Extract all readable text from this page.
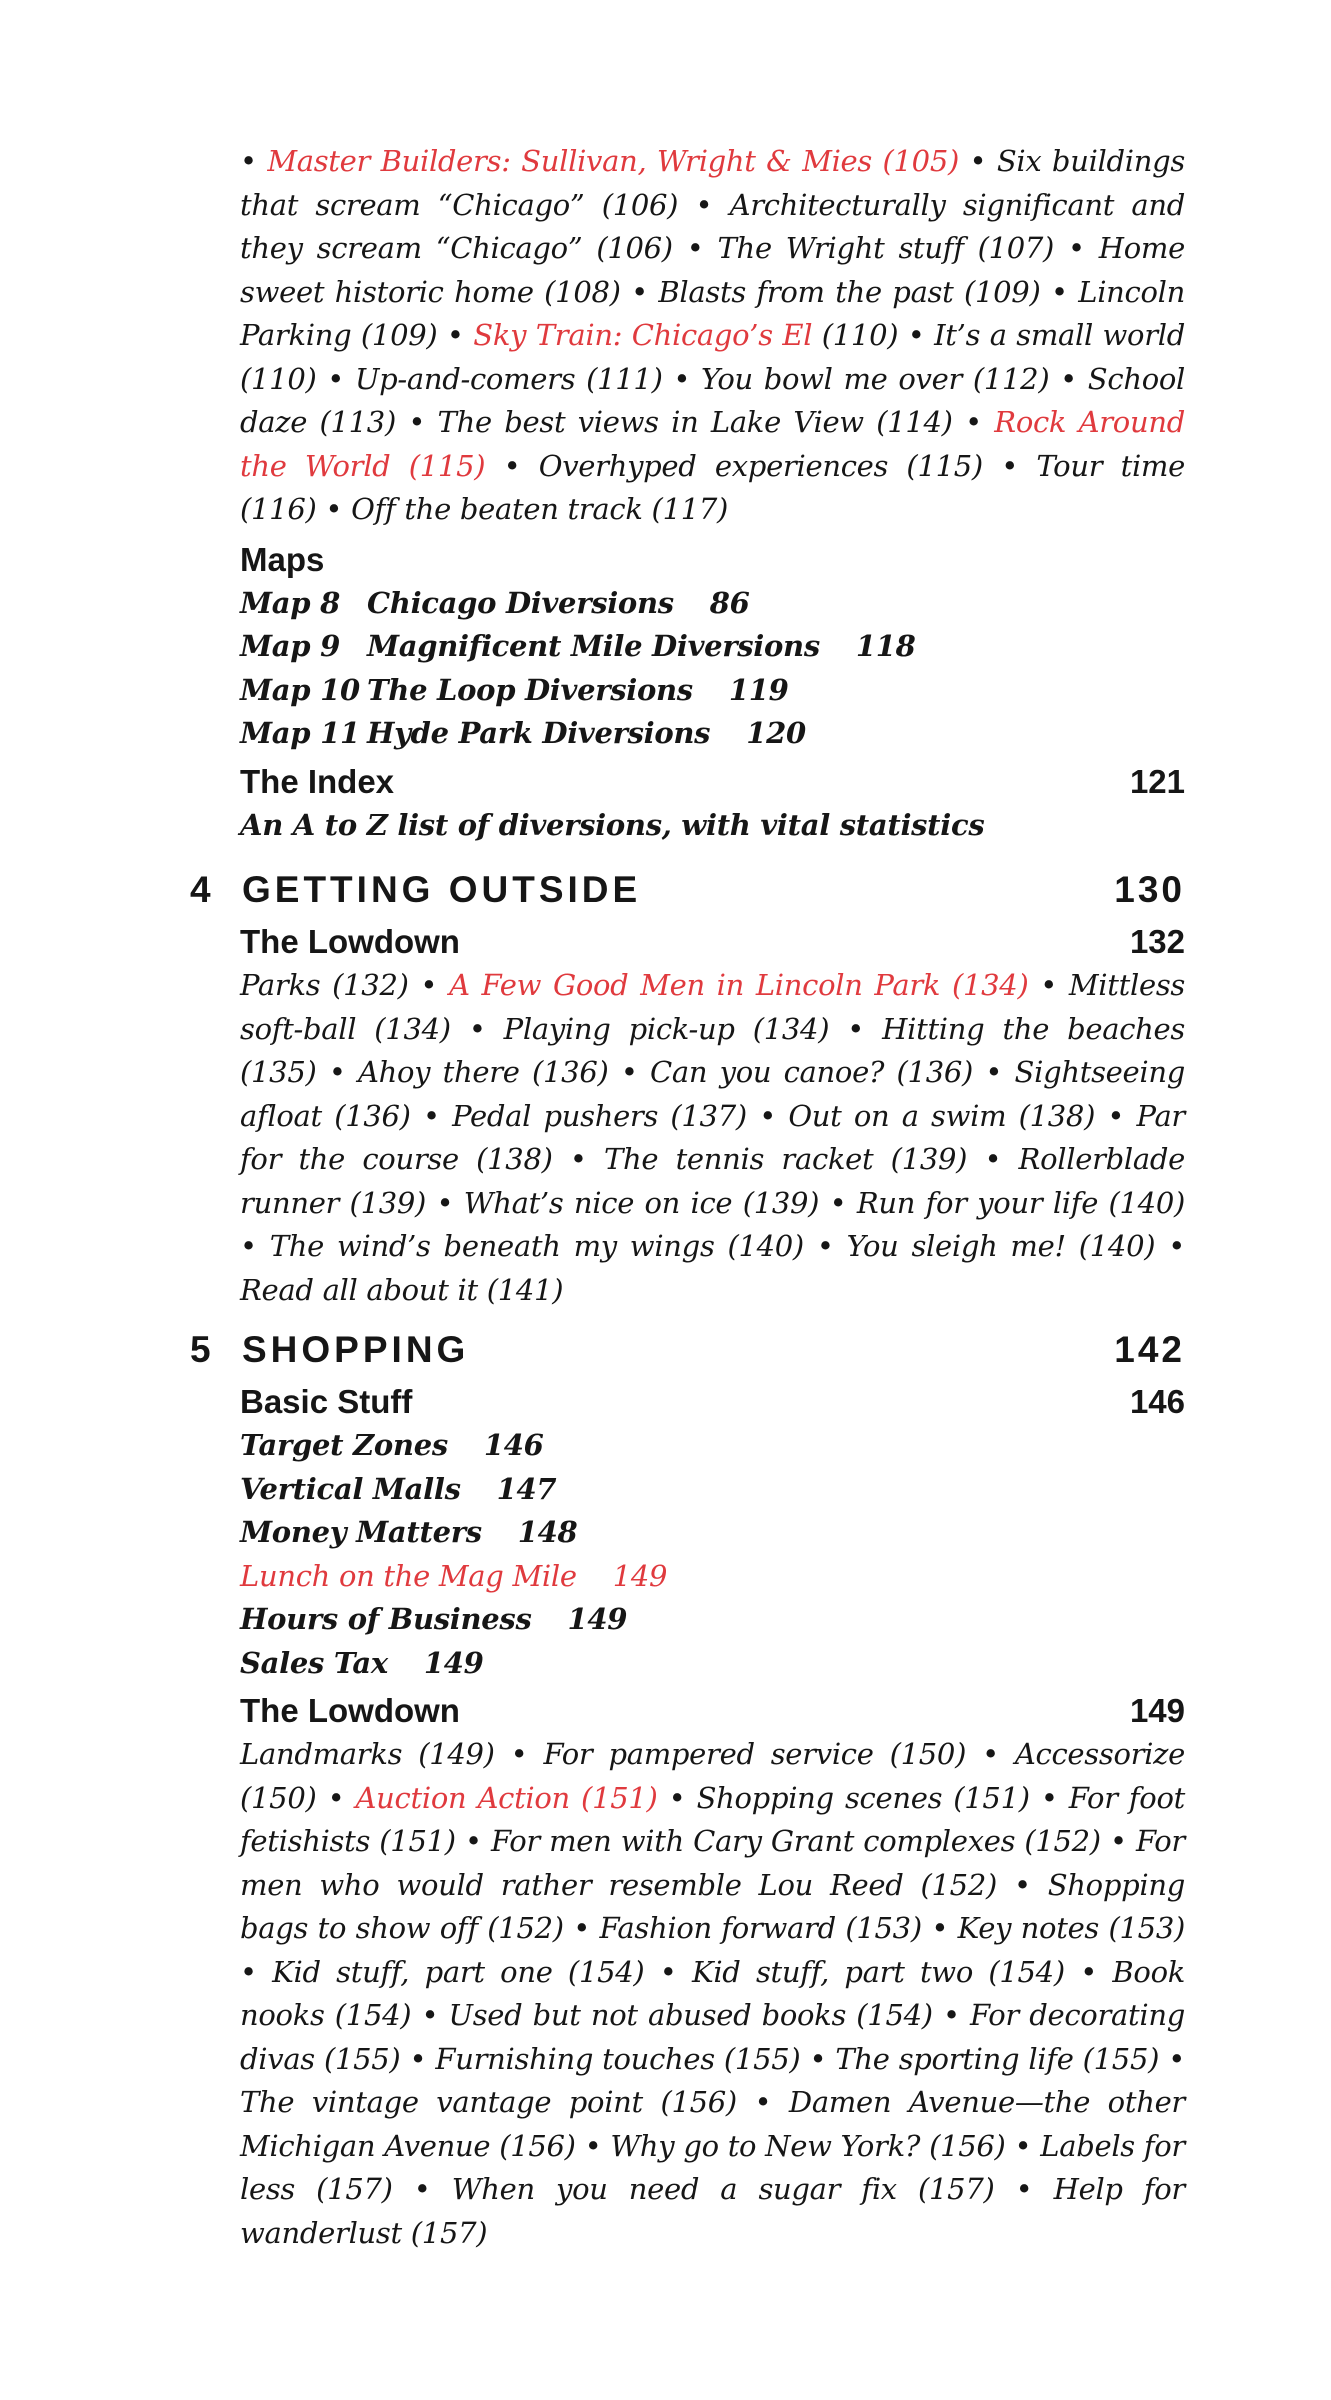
• Master Builders: Sullivan, Wright & Mies (105) • Six buildings that scream “Chicago” (106) • Architecturally significant and they scream “Chicago” (106) • The Wright stuff (107) • Home sweet historic home (108) • Blasts from the past (109) • Lincoln Parking (109) • Sky Train: Chicago’s El (110) • It’s a small world (110) • Up-and-comers (111) • You bowl me over (112) • School daze (113) • The best views in Lake View (114) • Rock Around the World (115) • Overhyped experiences (115) • Tour time (116) • Off the beaten track (117)

Maps
Map 8 Chicago Diversions 86
Map 9 Magnificent Mile Diversions 118
Map 10 The Loop Diversions 119
Map 11 Hyde Park Diversions 120
The Index	121

An A to Z list of diversions, with vital statistics

4 GETTING OUTSIDE	130
The Lowdown	132

Parks (132) • A Few Good Men in Lincoln Park (134) • Mittless soft-ball (134) • Playing pick-up (134) • Hitting the beaches (135) • Ahoy there (136) • Can you canoe? (136) • Sightseeing afloat (136) • Pedal pushers (137) • Out on a swim (138) • Par for the course (138) • The tennis racket (139) • Rollerblade runner (139) • What’s nice on ice (139) • Run for your life (140) • The wind’s beneath my wings (140) • You sleigh me! (140) • Read all about it (141)

5 SHOPPING	142
Basic Stuff	146
Target Zones 146
Vertical Malls 147
Money Matters 148
Lunch on the Mag Mile 149
Hours of Business 149
Sales Tax 149
The Lowdown	149

Landmarks (149) • For pampered service (150) • Accessorize (150) • Auction Action (151) • Shopping scenes (151) • For foot fetishists (151) • For men with Cary Grant complexes (152) • For men who would rather resemble Lou Reed (152) • Shopping bags to show off (152) • Fashion forward (153) • Key notes (153) • Kid stuff, part one (154) • Kid stuff, part two (154) • Book nooks (154) • Used but not abused books (154) • For decorating divas (155) • Furnishing touches (155) • The sporting life (155) • The vintage vantage point (156) • Damen Avenue—the other Michigan Avenue (156) • Why go to New York? (156) • Labels for less (157) • When you need a sugar fix (157) • Help for wanderlust (157)
